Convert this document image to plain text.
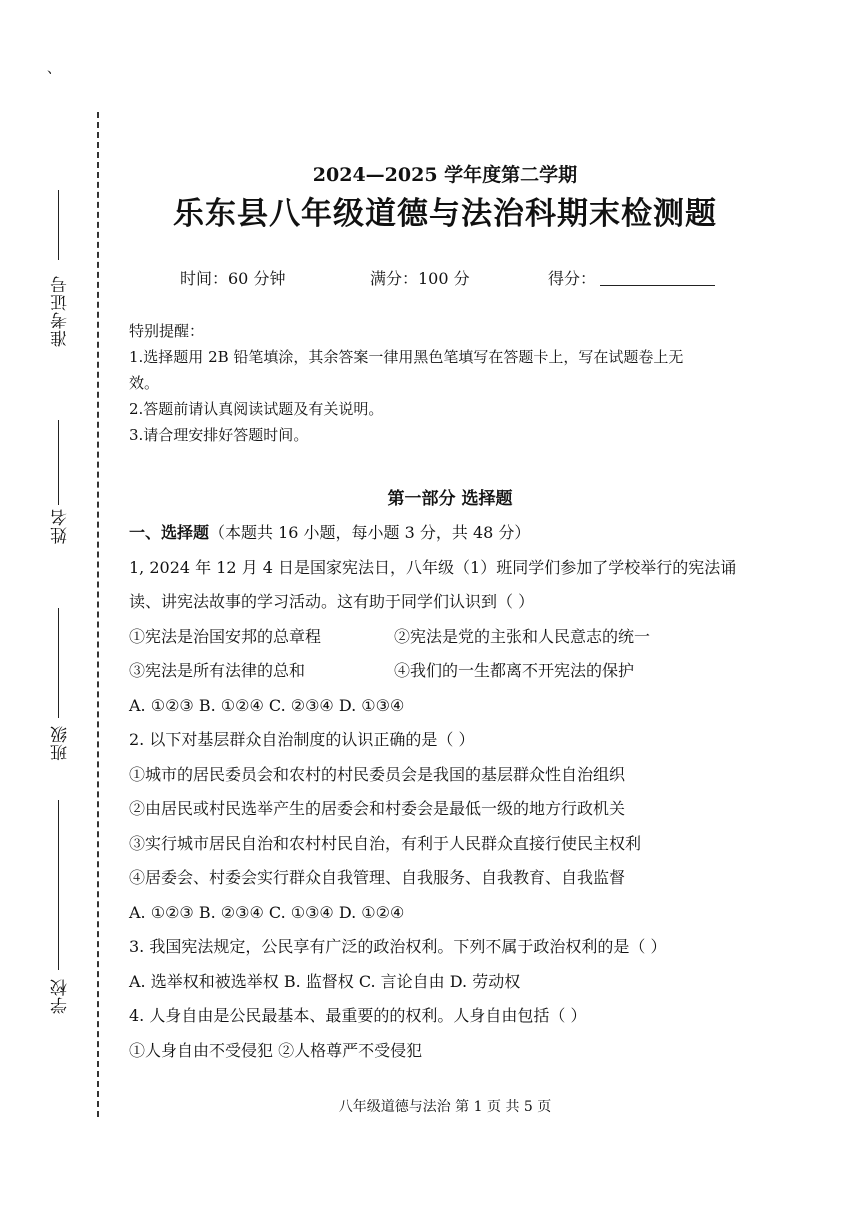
、
准考证号
姓名
班级
学校
2024—2025 学年度第二学期
乐东县八年级道德与法治科期末检测题
时间：60 分钟	满分：100 分	得分：
特别提醒：
1.选择题用 2B 铅笔填涂，其余答案一律用黑色笔填写在答题卡上，写在试题卷上无
效。
2.答题前请认真阅读试题及有关说明。
3.请合理安排好答题时间。
第一部分 选择题
一、选择题（本题共 16 小题，每小题 3 分，共 48 分）
1, 2024 年 12 月 4 日是国家宪法日，八年级（1）班同学们参加了学校举行的宪法诵
读、讲宪法故事的学习活动。这有助于同学们认识到（ ）
①宪法是治国安邦的总章程	②宪法是党的主张和人民意志的统一
③宪法是所有法律的总和	④我们的一生都离不开宪法的保护
A. ①②③ B. ①②④ C. ②③④ D. ①③④
2. 以下对基层群众自治制度的认识正确的是（ ）
①城市的居民委员会和农村的村民委员会是我国的基层群众性自治组织
②由居民或村民选举产生的居委会和村委会是最低一级的地方行政机关
③实行城市居民自治和农村村民自治，有利于人民群众直接行使民主权利
④居委会、村委会实行群众自我管理、自我服务、自我教育、自我监督
A. ①②③ B. ②③④ C. ①③④ D. ①②④
3. 我国宪法规定，公民享有广泛的政治权利。下列不属于政治权利的是（ ）
A. 选举权和被选举权 B. 监督权 C. 言论自由 D. 劳动权
4. 人身自由是公民最基本、最重要的的权利。人身自由包括（ ）
①人身自由不受侵犯 ②人格尊严不受侵犯
八年级道德与法治 第 1 页 共 5 页
